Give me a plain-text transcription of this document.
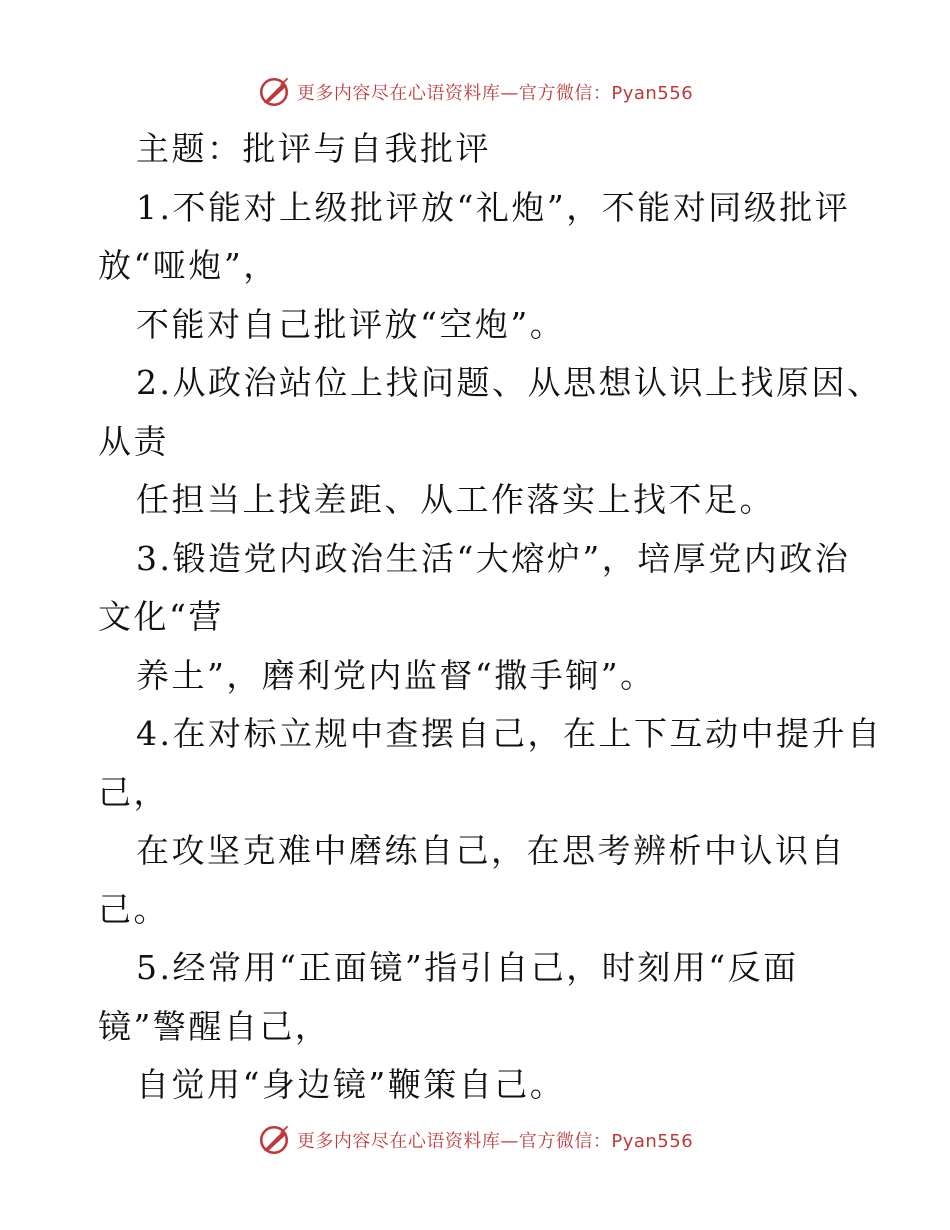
更多内容尽在心语资料库—官方微信：Pyan556
主题：批评与自我批评
1.不能对上级批评放“礼炮”，不能对同级批评
放“哑炮”，
不能对自己批评放“空炮”。
2.从政治站位上找问题、从思想认识上找原因、
从责
任担当上找差距、从工作落实上找不足。
3.锻造党内政治生活“大熔炉”，培厚党内政治
文化“营
养土”，磨利党内监督“撒手锏”。
4.在对标立规中查摆自己，在上下互动中提升自
己，
在攻坚克难中磨练自己，在思考辨析中认识自
己。
5.经常用“正面镜”指引自己，时刻用“反面
镜”警醒自己，
自觉用“身边镜”鞭策自己。
更多内容尽在心语资料库—官方微信：Pyan556
